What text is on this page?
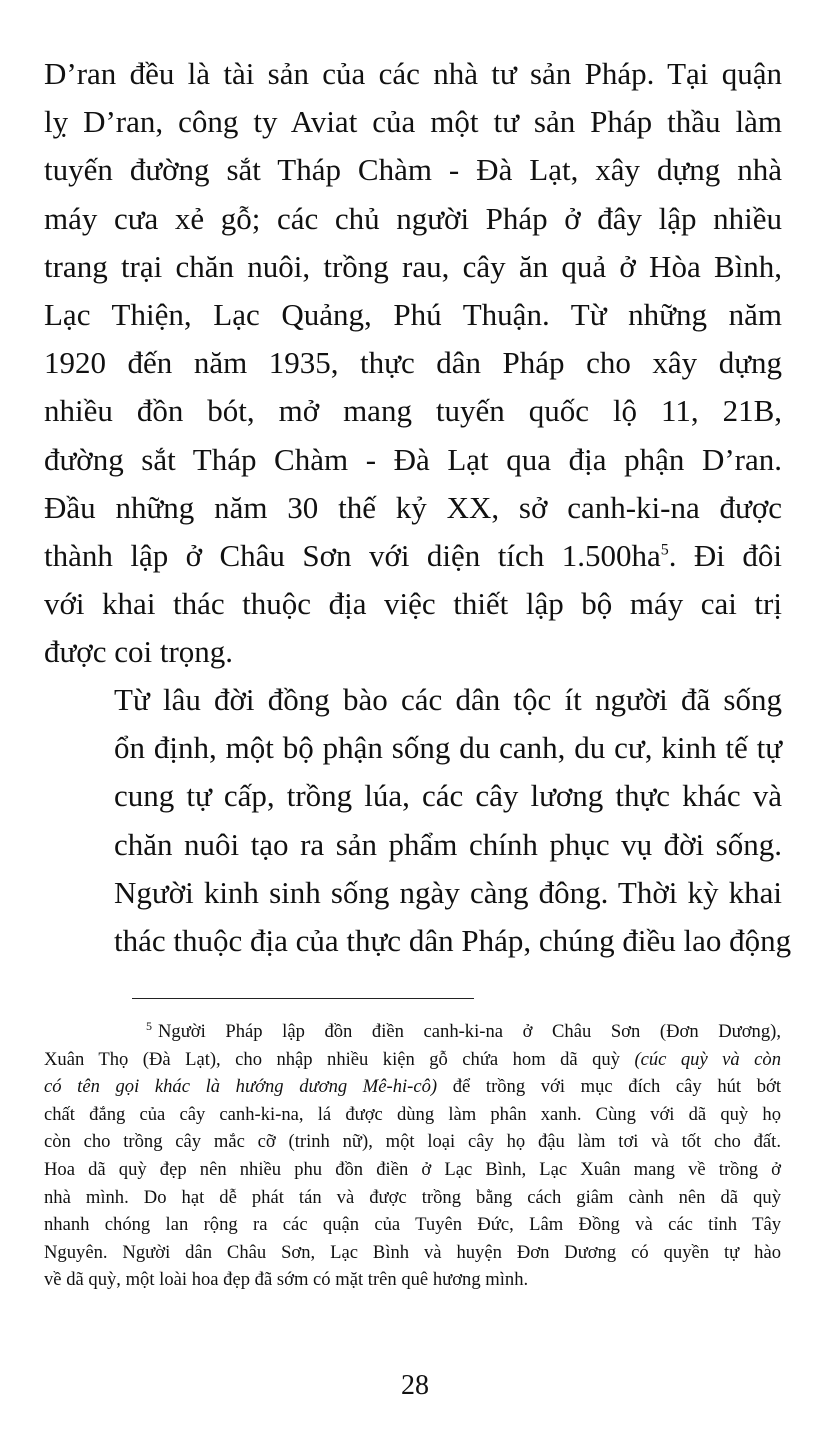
D’ran đều là tài sản của các nhà tư sản Pháp. Tại quận
lỵ D’ran, công ty Aviat của một tư sản Pháp thầu làm
tuyến đường sắt Tháp Chàm - Đà Lạt, xây dựng nhà
máy cưa xẻ gỗ; các chủ người Pháp ở đây lập nhiều
trang trại chăn nuôi, trồng rau, cây ăn quả ở Hòa Bình,
Lạc Thiện, Lạc Quảng, Phú Thuận. Từ những năm
1920 đến năm 1935, thực dân Pháp cho xây dựng
nhiều đồn bót, mở mang tuyến quốc lộ 11, 21B,
đường sắt Tháp Chàm - Đà Lạt qua địa phận D’ran.
Đầu những năm 30 thế kỷ XX, sở canh-ki-na được
thành lập ở Châu Sơn với diện tích $1.500ha^5$. Đi đôi
với khai thác thuộc địa việc thiết lập bộ máy cai trị
được coi trọng.

Từ lâu đời đồng bào các dân tộc ít người đã sống
ổn định, một bộ phận sống du canh, du cư, kinh tế tự
cung tự cấp, trồng lúa, các cây lương thực khác và
chăn nuôi tạo ra sản phẩm chính phục vụ đời sống.
Người kinh sinh sống ngày càng đông. Thời kỳ khai
thác thuộc địa của thực dân Pháp, chúng điều lao động

$^5$ Người Pháp lập đồn điền canh-ki-na ở Châu Sơn (Đơn Dương),
Xuân Thọ (Đà Lạt), cho nhập nhiều kiện gỗ chứa hom dã quỳ (cúc quỳ và còn
có tên gọi khác là hướng dương Mê-hi-cô) để trồng với mục đích cây hút bớt
chất đắng của cây canh-ki-na, lá được dùng làm phân xanh. Cùng với dã quỳ họ
còn cho trồng cây mắc cỡ (trinh nữ), một loại cây họ đậu làm tơi và tốt cho đất.
Hoa dã quỳ đẹp nên nhiều phu đồn điền ở Lạc Bình, Lạc Xuân mang về trồng ở
nhà mình. Do hạt dễ phát tán và được trồng bằng cách giâm cành nên dã quỳ
nhanh chóng lan rộng ra các quận của Tuyên Đức, Lâm Đồng và các tỉnh Tây
Nguyên. Người dân Châu Sơn, Lạc Bình và huyện Đơn Dương có quyền tự hào
về dã quỳ, một loài hoa đẹp đã sớm có mặt trên quê hương mình.

28
